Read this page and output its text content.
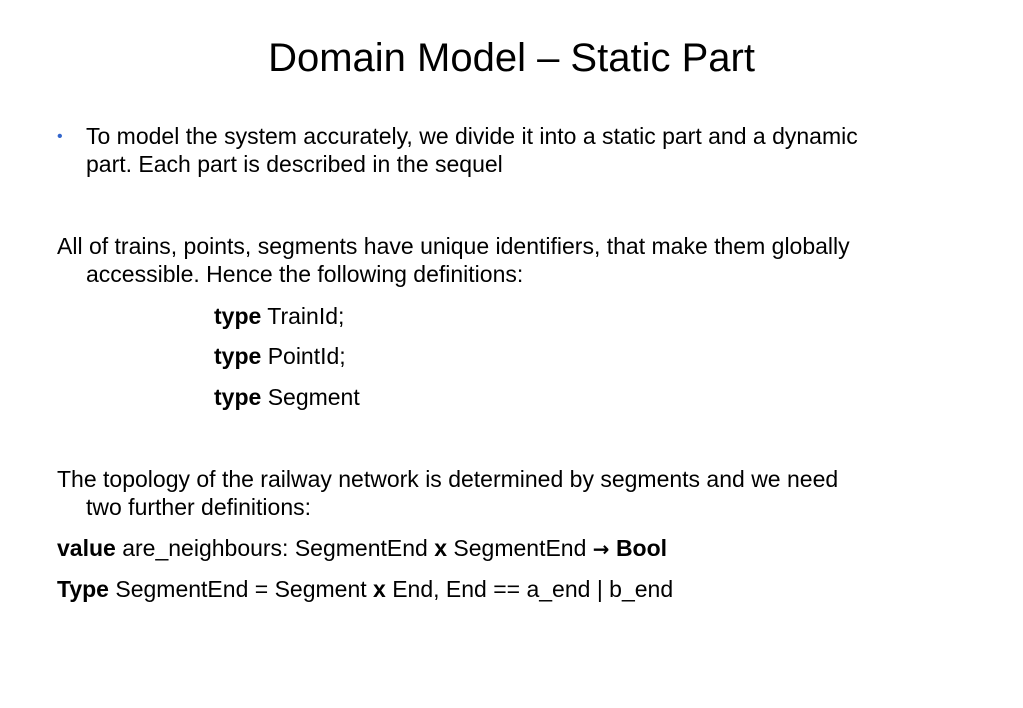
Domain Model – Static Part
• To model the system accurately, we divide it into a static part and a dynamic
part. Each part is described in the sequel
All of trains, points, segments have unique identifiers, that make them globally
accessible. Hence the following definitions:
type TrainId;
type PointId;
type Segment
The topology of the railway network is determined by segments and we need
two further definitions:
value are_neighbours: SegmentEnd x SegmentEnd → Bool
Type SegmentEnd = Segment x End, End == a_end | b_end
